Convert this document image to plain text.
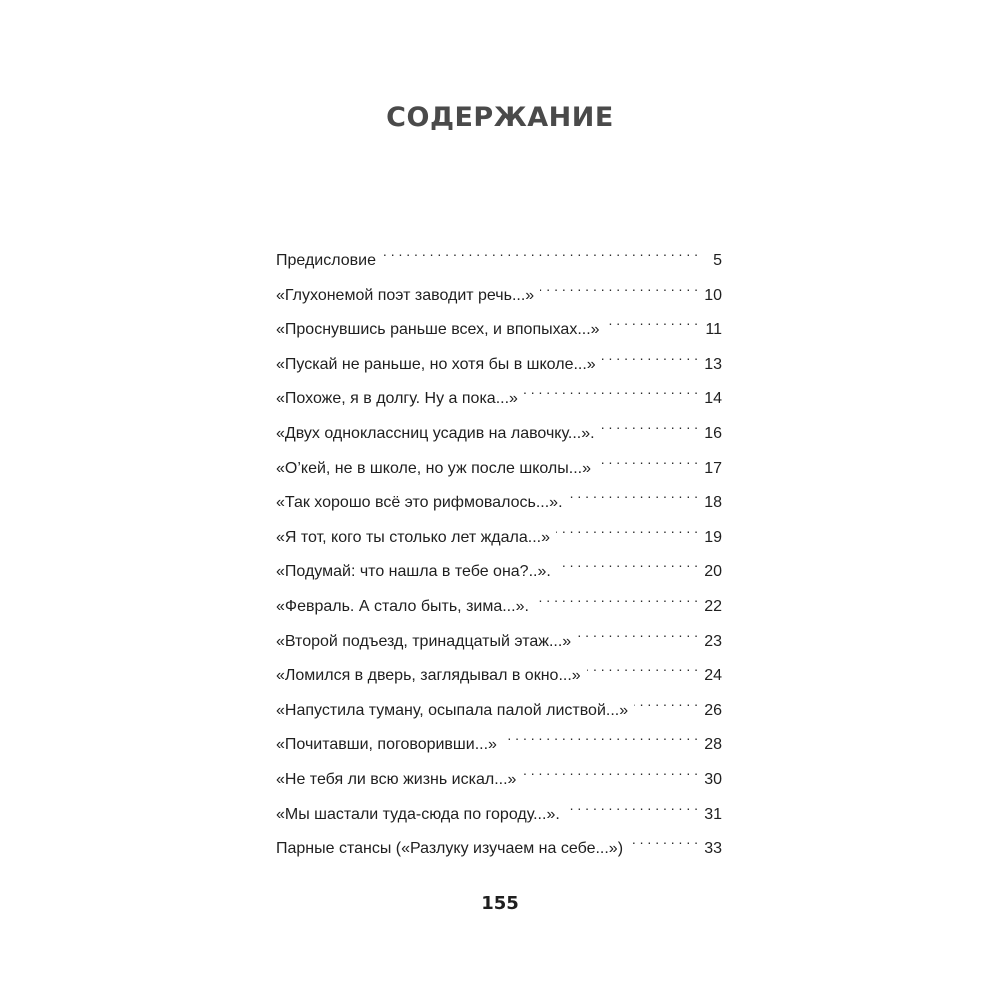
СОДЕРЖАНИЕ
Предисловие . . .	5
«Глухонемой поэт заводит речь...» . . .	10
«Проснувшись раньше всех, и впопыхах...» . . .	11
«Пускай не раньше, но хотя бы в школе...» . . .	13
«Похоже, я в долгу. Ну а пока...» . . .	14
«Двух одноклассниц усадив на лавочку...». . . .	16
«О’кей, не в школе, но уж после школы...» . . .	17
«Так хорошо всё это рифмовалось...». . . .	18
«Я тот, кого ты столько лет ждала...» . . .	19
«Подумай: что нашла в тебе она?..». . . .	20
«Февраль. А стало быть, зима...». . . .	22
«Второй подъезд, тринадцатый этаж...» . . .	23
«Ломился в дверь, заглядывал в окно...» . . .	24
«Напустила туману, осыпала палой листвой...» . . .	26
«Почитавши, поговоривши...» . . .	28
«Не тебя ли всю жизнь искал...» . . .	30
«Мы шастали туда-сюда по городу...». . . .	31
Парные стансы («Разлуку изучаем на себе...») . . .	33
155
